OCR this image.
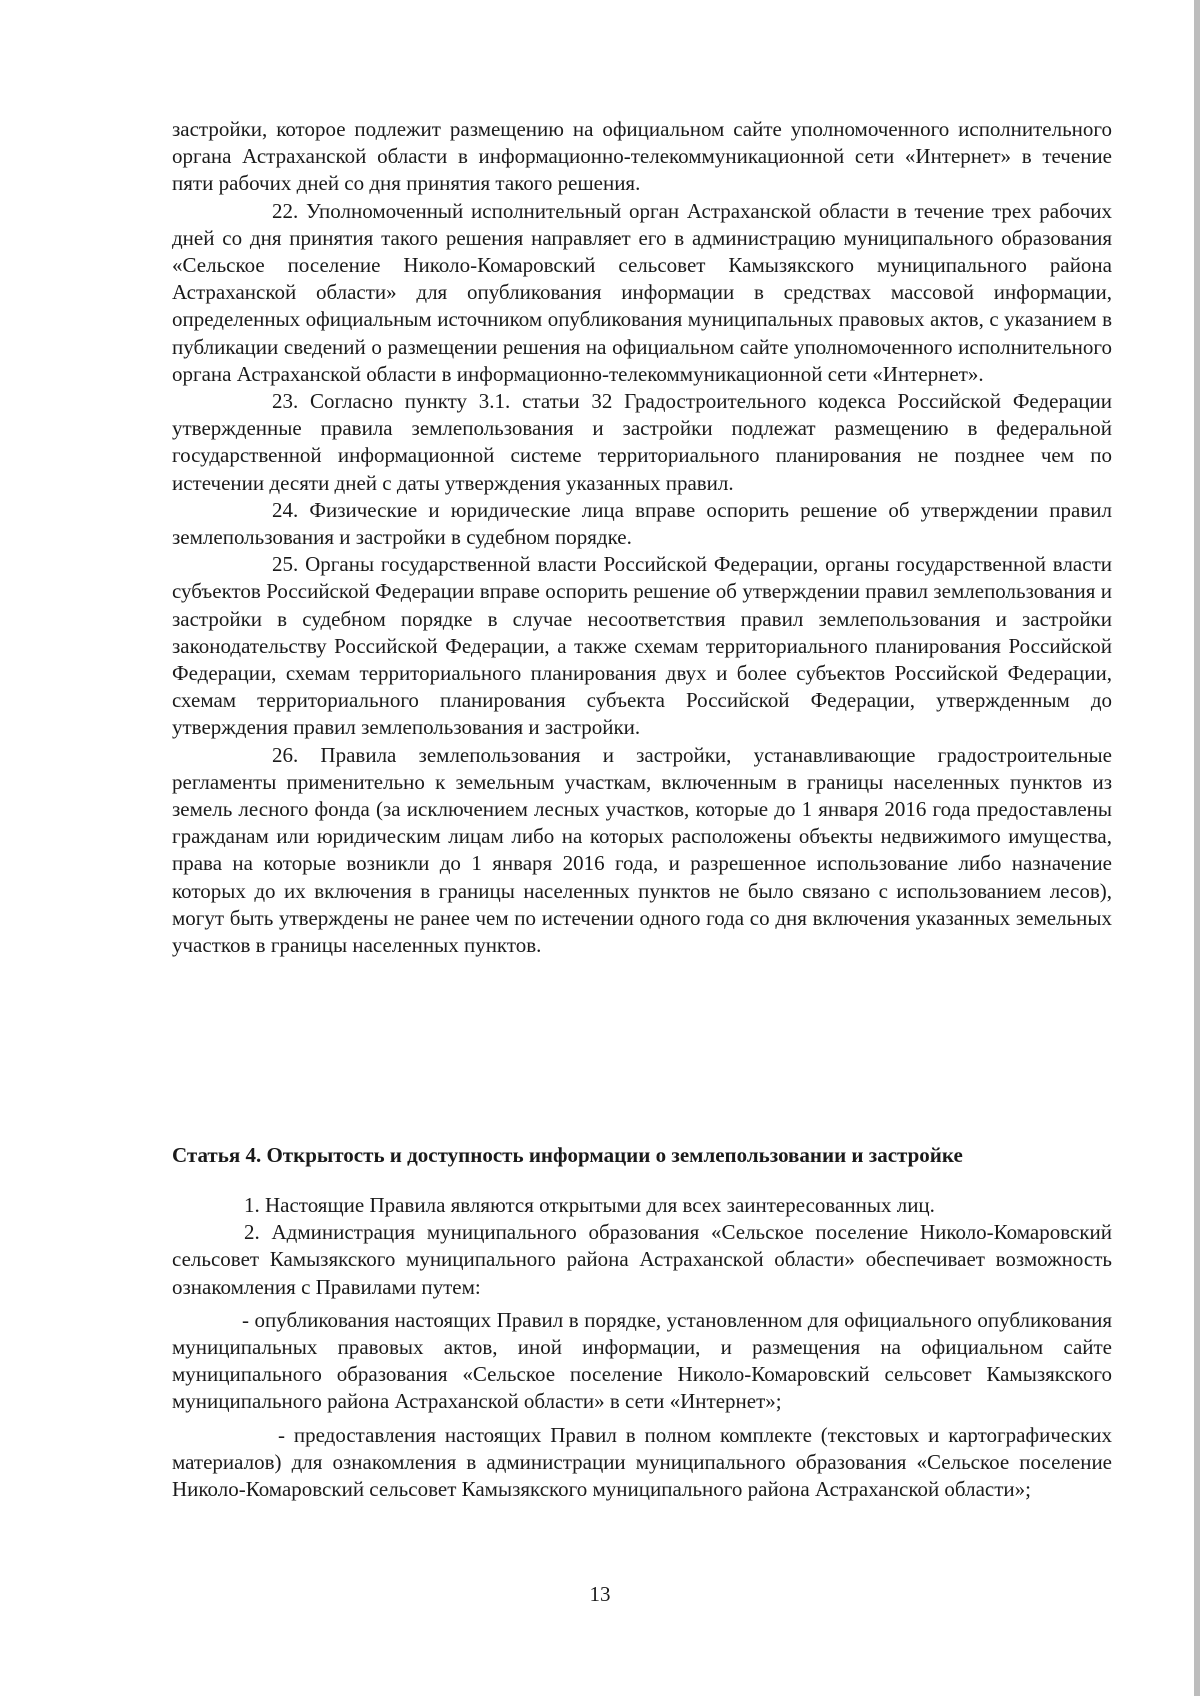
застройки, которое подлежит размещению на официальном сайте уполномоченного исполнительного органа Астраханской области в информационно-телекоммуникационной сети «Интернет» в течение пяти рабочих дней со дня принятия такого решения.

22. Уполномоченный исполнительный орган Астраханской области в течение трех рабочих дней со дня принятия такого решения направляет его в администрацию муниципального образования «Сельское поселение Николо-Комаровский сельсовет Камызякского муниципального района Астраханской области» для опубликования информации в средствах массовой информации, определенных официальным источником опубликования муниципальных правовых актов, с указанием в публикации сведений о размещении решения на официальном сайте уполномоченного исполнительного органа Астраханской области в информационно-телекоммуникационной сети «Интернет».

23. Согласно пункту 3.1. статьи 32 Градостроительного кодекса Российской Федерации утвержденные правила землепользования и застройки подлежат размещению в федеральной государственной информационной системе территориального планирования не позднее чем по истечении десяти дней с даты утверждения указанных правил.

24. Физические и юридические лица вправе оспорить решение об утверждении правил землепользования и застройки в судебном порядке.

25. Органы государственной власти Российской Федерации, органы государственной власти субъектов Российской Федерации вправе оспорить решение об утверждении правил землепользования и застройки в судебном порядке в случае несоответствия правил землепользования и застройки законодательству Российской Федерации, а также схемам территориального планирования Российской Федерации, схемам территориального планирования двух и более субъектов Российской Федерации, схемам территориального планирования субъекта Российской Федерации, утвержденным до утверждения правил землепользования и застройки.

26. Правила землепользования и застройки, устанавливающие градостроительные регламенты применительно к земельным участкам, включенным в границы населенных пунктов из земель лесного фонда (за исключением лесных участков, которые до 1 января 2016 года предоставлены гражданам или юридическим лицам либо на которых расположены объекты недвижимого имущества, права на которые возникли до 1 января 2016 года, и разрешенное использование либо назначение которых до их включения в границы населенных пунктов не было связано с использованием лесов), могут быть утверждены не ранее чем по истечении одного года со дня включения указанных земельных участков в границы населенных пунктов.

Статья 4. Открытость и доступность информации о землепользовании и застройке

1. Настоящие Правила являются открытыми для всех заинтересованных лиц.

2. Администрация муниципального образования «Сельское поселение Николо-Комаровский сельсовет Камызякского муниципального района Астраханской области» обеспечивает возможность ознакомления с Правилами путем:

- опубликования настоящих Правил в порядке, установленном для официального опубликования муниципальных правовых актов, иной информации, и размещения на официальном сайте муниципального образования «Сельское поселение Николо-Комаровский сельсовет Камызякского муниципального района Астраханской области» в сети «Интернет»;

- предоставления настоящих Правил в полном комплекте (текстовых и картографических материалов) для ознакомления в администрации муниципального образования «Сельское поселение Николо-Комаровский сельсовет Камызякского муниципального района Астраханской области»;

13
